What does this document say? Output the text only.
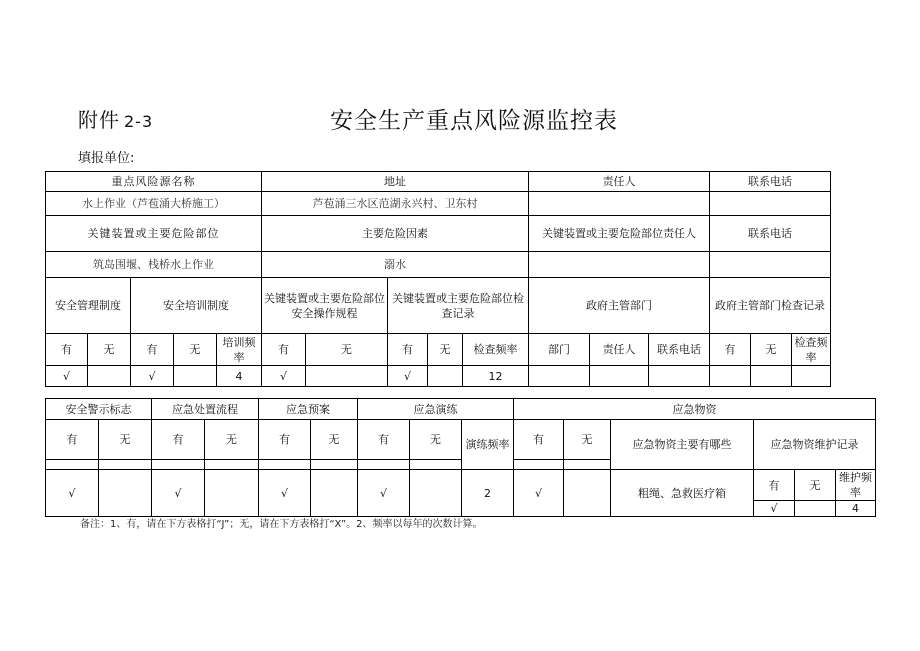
附件 2-3	安全生产重点风险源监控表
填报单位:
重点风险源名称					地址					责任人			联系电话		
水上作业（芦苞涌大桥施工）					芦苞涌三水区范湖永兴村、卫东村										
关键装置或主要危险部位					主要危险因素					关键装置或主要危险部位责任人			联系电话		
筑岛围堰、栈桥水上作业					溺水										
安全管理制度		安全培训制度			关键装置或主要危险部位安全操作规程		关键装置或主要危险部位检查记录			政府主管部门			政府主管部门检查记录		
有	无	有	无	培训频率	有	无	有	无	检查频率	部门	责任人	联系电话	有	无	检查频率
√		√		4	√		√		12						
安全警示标志		应急处置流程		应急预案		应急演练			应急物资					
有	无	有	无	有	无	有	无	演练频率	有	无	应急物资主要有哪些	应急物资维护记录		

√		√		√		√		2	√		粗绳、急救医疗箱	有	无	维护频率
												√		4
备注：1、有，请在下方表格打“J”；无，请在下方表格打“X”。2、频率以每年的次数计算。
